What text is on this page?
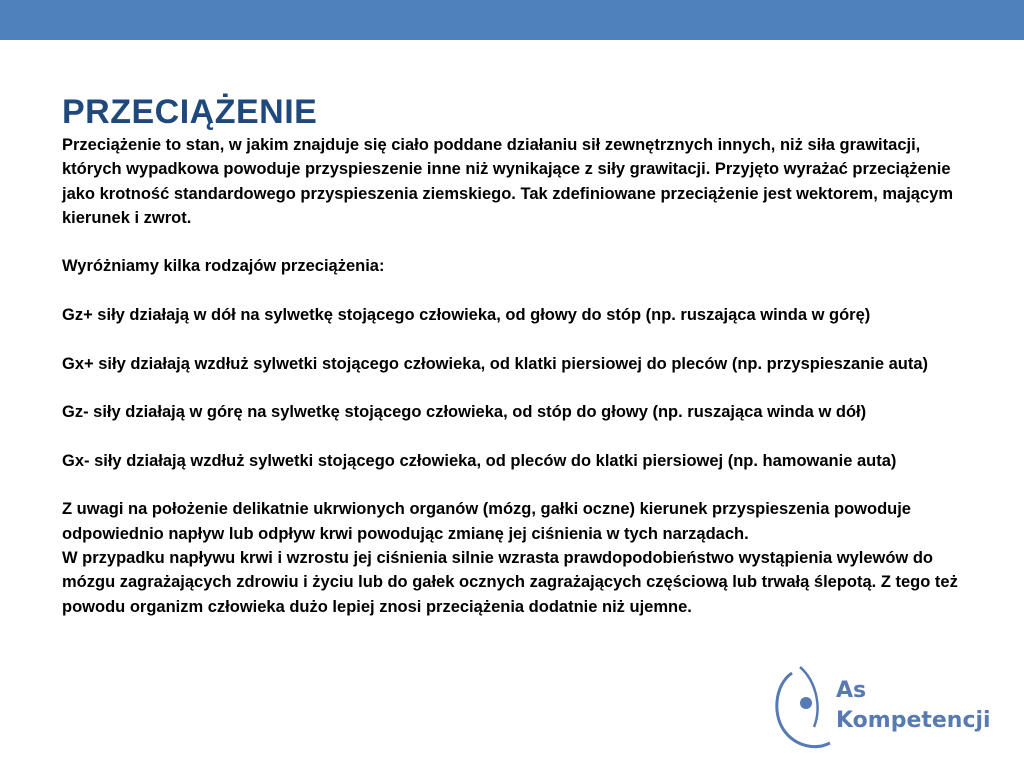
PRZECIĄŻENIE

Przeciążenie to stan, w jakim znajduje się ciało poddane działaniu sił zewnętrznych innych, niż siła grawitacji, których wypadkowa powoduje przyspieszenie inne niż wynikające z siły grawitacji. Przyjęto wyrażać przeciążenie jako krotność standardowego przyspieszenia ziemskiego. Tak zdefiniowane przeciążenie jest wektorem, mającym kierunek i zwrot.

Wyróżniamy kilka rodzajów przeciążenia:

Gz+ siły działają w dół na sylwetkę stojącego człowieka, od głowy do stóp (np. ruszająca winda w górę)

Gx+ siły działają wzdłuż sylwetki stojącego człowieka, od klatki piersiowej do pleców (np. przyspieszanie auta)

Gz- siły działają w górę na sylwetkę stojącego człowieka, od stóp do głowy (np. ruszająca winda w dół)

Gx- siły działają wzdłuż sylwetki stojącego człowieka, od pleców do klatki piersiowej (np. hamowanie auta)

Z uwagi na położenie delikatnie ukrwionych organów (mózg, gałki oczne) kierunek przyspieszenia powoduje odpowiednio napływ lub odpływ krwi powodując zmianę jej ciśnienia w tych narządach.

W przypadku napływu krwi i wzrostu jej ciśnienia silnie wzrasta prawdopodobieństwo wystąpienia wylewów do mózgu zagrażających zdrowiu i życiu lub do gałek ocznych zagrażających częściową lub trwałą ślepotą. Z tego też powodu organizm człowieka dużo lepiej znosi przeciążenia dodatnie niż ujemne.

As
Kompetencji
